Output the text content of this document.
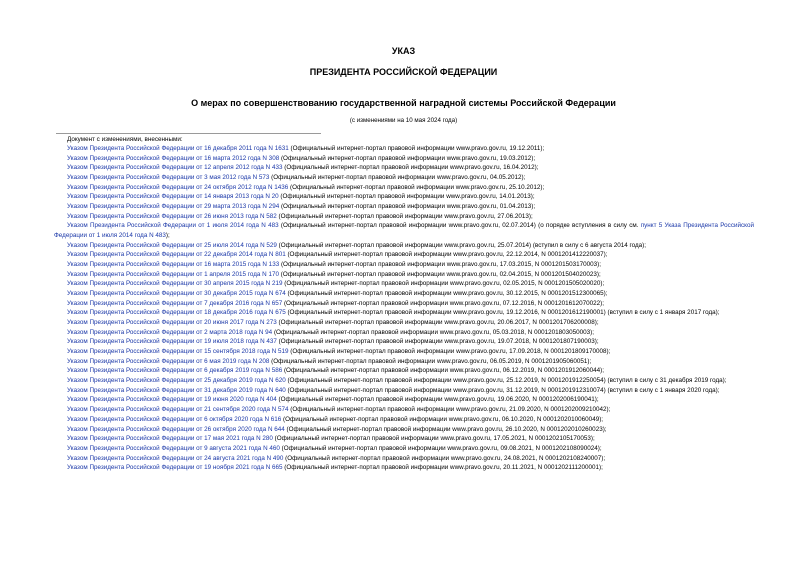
УКАЗ
ПРЕЗИДЕНТА РОССИЙСКОЙ ФЕДЕРАЦИИ
О мерах по совершенствованию государственной наградной системы Российской Федерации
(с изменениями на 10 мая 2024 года)
Документ с изменениями, внесенными:
Указом Президента Российской Федерации от 16 декабря 2011 года N 1631 (Официальный интернет-портал правовой информации www.pravo.gov.ru, 19.12.2011);
Указом Президента Российской Федерации от 16 марта 2012 года N 308 (Официальный интернет-портал правовой информации www.pravo.gov.ru, 19.03.2012);
Указом Президента Российской Федерации от 12 апреля 2012 года N 433 (Официальный интернет-портал правовой информации www.pravo.gov.ru, 16.04.2012);
Указом Президента Российской Федерации от 3 мая 2012 года N 573 (Официальный интернет-портал правовой информации www.pravo.gov.ru, 04.05.2012);
Указом Президента Российской Федерации от 24 октября 2012 года N 1436 (Официальный интернет-портал правовой информации www.pravo.gov.ru, 25.10.2012);
Указом Президента Российской Федерации от 14 января 2013 года N 20 (Официальный интернет-портал правовой информации www.pravo.gov.ru, 14.01.2013);
Указом Президента Российской Федерации от 29 марта 2013 года N 294 (Официальный интернет-портал правовой информации www.pravo.gov.ru, 01.04.2013);
Указом Президента Российской Федерации от 26 июня 2013 года N 582 (Официальный интернет-портал правовой информации www.pravo.gov.ru, 27.06.2013);
Указом Президента Российской Федерации от 1 июля 2014 года N 483 (Официальный интернет-портал правовой информации www.pravo.gov.ru, 02.07.2014) (о порядке вступления в силу см. пункт 5 Указа Президента Российской Федерации от 1 июля 2014 года N 483);
Указом Президента Российской Федерации от 25 июля 2014 года N 529 (Официальный интернет-портал правовой информации www.pravo.gov.ru, 25.07.2014) (вступил в силу с 6 августа 2014 года);
Указом Президента Российской Федерации от 22 декабря 2014 года N 801 (Официальный интернет-портал правовой информации www.pravo.gov.ru, 22.12.2014, N 0001201412220037);
Указом Президента Российской Федерации от 16 марта 2015 года N 133 (Официальный интернет-портал правовой информации www.pravo.gov.ru, 17.03.2015, N 0001201503170003);
Указом Президента Российской Федерации от 1 апреля 2015 года N 170 (Официальный интернет-портал правовой информации www.pravo.gov.ru, 02.04.2015, N 0001201504020023);
Указом Президента Российской Федерации от 30 апреля 2015 года N 219 (Официальный интернет-портал правовой информации www.pravo.gov.ru, 02.05.2015, N 0001201505020020);
Указом Президента Российской Федерации от 30 декабря 2015 года N 674 (Официальный интернет-портал правовой информации www.pravo.gov.ru, 30.12.2015, N 0001201512300065);
Указом Президента Российской Федерации от 7 декабря 2016 года N 657 (Официальный интернет-портал правовой информации www.pravo.gov.ru, 07.12.2016, N 0001201612070022);
Указом Президента Российской Федерации от 18 декабря 2016 года N 675 (Официальный интернет-портал правовой информации www.pravo.gov.ru, 19.12.2016, N 0001201612190001) (вступил в силу с 1 января 2017 года);
Указом Президента Российской Федерации от 20 июня 2017 года N 273 (Официальный интернет-портал правовой информации www.pravo.gov.ru, 20.06.2017, N 0001201706200008);
Указом Президента Российской Федерации от 2 марта 2018 года N 94 (Официальный интернет-портал правовой информации www.pravo.gov.ru, 05.03.2018, N 0001201803050003);
Указом Президента Российской Федерации от 19 июля 2018 года N 437 (Официальный интернет-портал правовой информации www.pravo.gov.ru, 19.07.2018, N 0001201807190003);
Указом Президента Российской Федерации от 15 сентября 2018 года N 519 (Официальный интернет-портал правовой информации www.pravo.gov.ru, 17.09.2018, N 0001201809170008);
Указом Президента Российской Федерации от 6 мая 2019 года N 208 (Официальный интернет-портал правовой информации www.pravo.gov.ru, 06.05.2019, N 0001201905060051);
Указом Президента Российской Федерации от 6 декабря 2019 года N 586 (Официальный интернет-портал правовой информации www.pravo.gov.ru, 06.12.2019, N 0001201912060044);
Указом Президента Российской Федерации от 25 декабря 2019 года N 620 (Официальный интернет-портал правовой информации www.pravo.gov.ru, 25.12.2019, N 0001201912250054) (вступил в силу с 31 декабря 2019 года);
Указом Президента Российской Федерации от 31 декабря 2019 года N 640 (Официальный интернет-портал правовой информации www.pravo.gov.ru, 31.12.2019, N 0001201912310074) (вступил в силу с 1 января 2020 года);
Указом Президента Российской Федерации от 19 июня 2020 года N 404 (Официальный интернет-портал правовой информации www.pravo.gov.ru, 19.06.2020, N 0001202006190041);
Указом Президента Российской Федерации от 21 сентября 2020 года N 574 (Официальный интернет-портал правовой информации www.pravo.gov.ru, 21.09.2020, N 0001202009210042);
Указом Президента Российской Федерации от 6 октября 2020 года N 616 (Официальный интернет-портал правовой информации www.pravo.gov.ru, 06.10.2020, N 0001202010060049);
Указом Президента Российской Федерации от 26 октября 2020 года N 644 (Официальный интернет-портал правовой информации www.pravo.gov.ru, 26.10.2020, N 0001202010260023);
Указом Президента Российской Федерации от 17 мая 2021 года N 280 (Официальный интернет-портал правовой информации www.pravo.gov.ru, 17.05.2021, N 0001202105170053);
Указом Президента Российской Федерации от 9 августа 2021 года N 460 (Официальный интернет-портал правовой информации www.pravo.gov.ru, 09.08.2021, N 0001202108090024);
Указом Президента Российской Федерации от 24 августа 2021 года N 490 (Официальный интернет-портал правовой информации www.pravo.gov.ru, 24.08.2021, N 0001202108240007);
Указом Президента Российской Федерации от 19 ноября 2021 года N 665 (Официальный интернет-портал правовой информации www.pravo.gov.ru, 20.11.2021, N 0001202111200001);
